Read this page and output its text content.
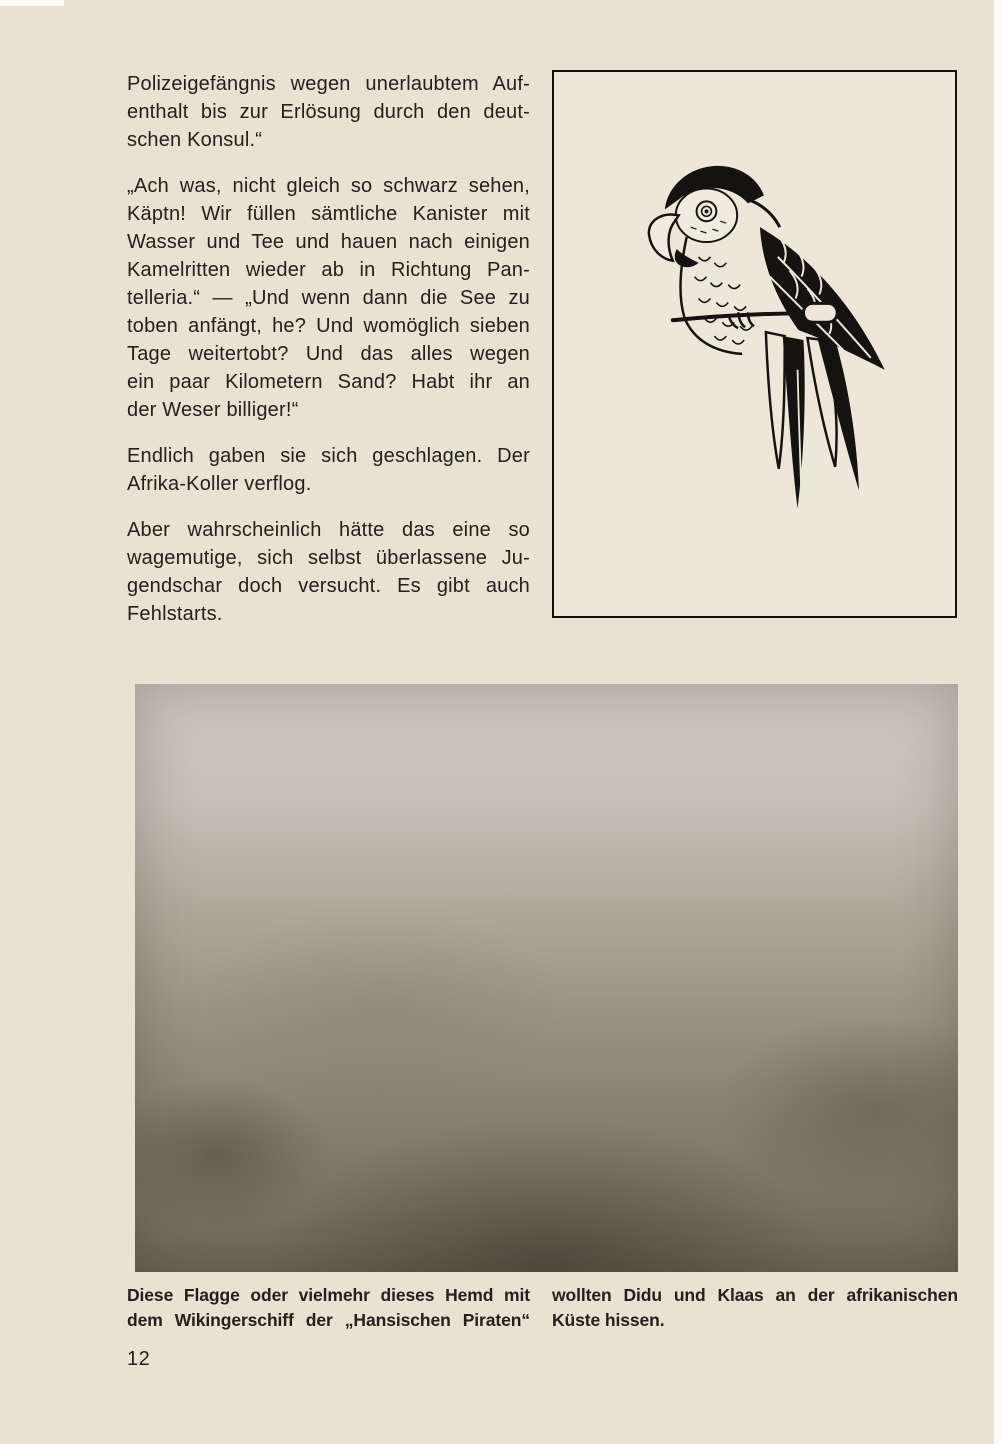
Polizeigefängnis wegen unerlaubtem Auf-
enthalt bis zur Erlösung durch den deut-
schen Konsul.“
„Ach was, nicht gleich so schwarz sehen,
Käptn! Wir füllen sämtliche Kanister mit
Wasser und Tee und hauen nach einigen
Kamelritten wieder ab in Richtung Pan-
telleria.“ — „Und wenn dann die See zu
toben anfängt, he? Und womöglich sieben
Tage weitertobt? Und das alles wegen
ein paar Kilometern Sand? Habt ihr an
der Weser billiger!“
Endlich gaben sie sich geschlagen. Der
Afrika-Koller verflog.
Aber wahrscheinlich hätte das eine so
wagemutige, sich selbst überlassene Ju-
gendschar doch versucht. Es gibt auch
Fehlstarts.
Diese Flagge oder vielmehr dieses Hemd mit
dem Wikingerschiff der „Hansischen Piraten“
wollten Didu und Klaas an der afrikanischen
Küste hissen.
12
